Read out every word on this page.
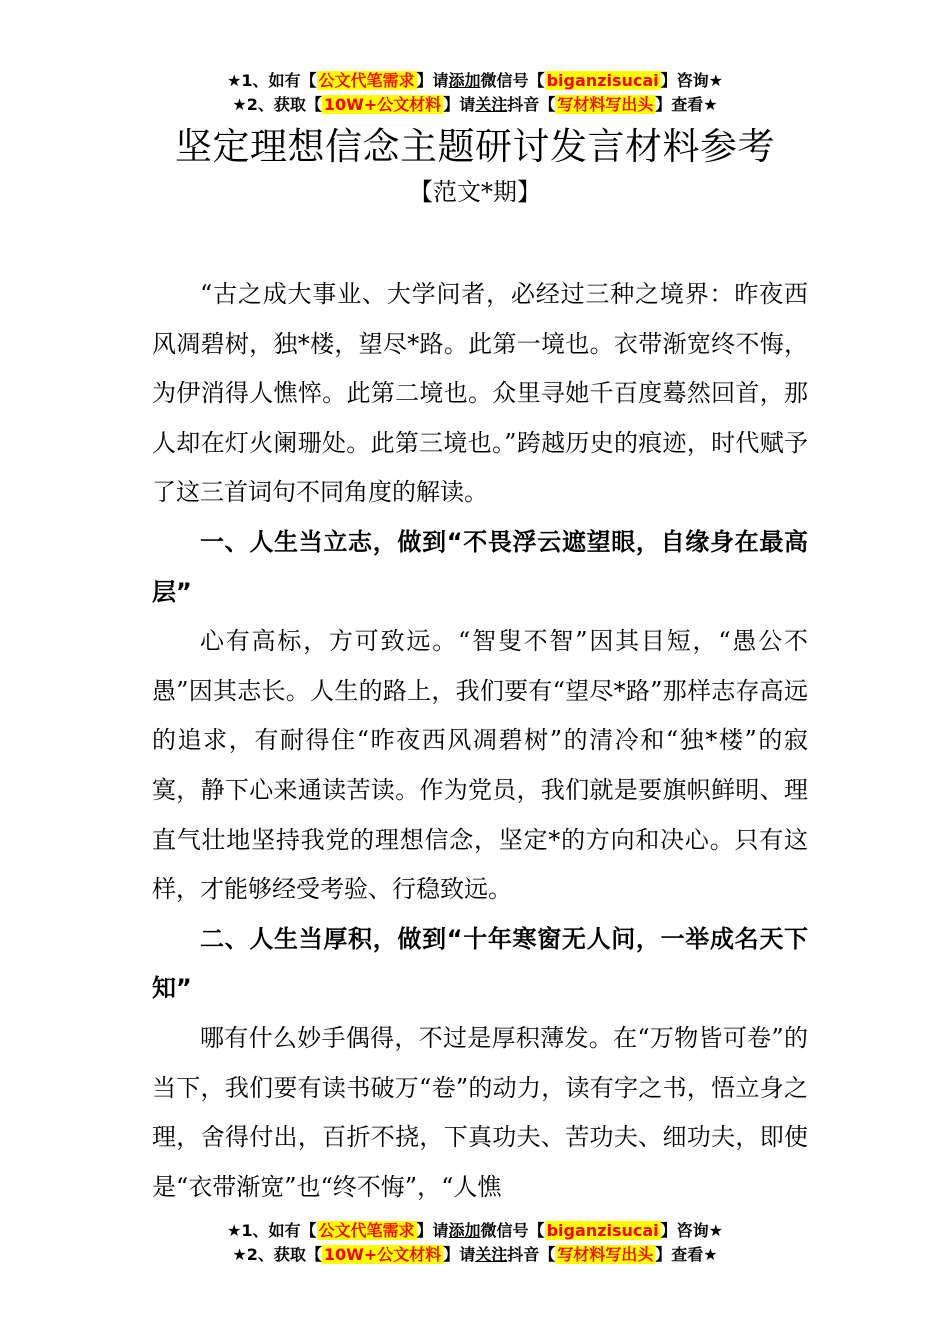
★1、如有【 公文代笔需求 】请添加微信号【 biganzisucai 】咨询★
★2、获取【 10W+公文材料 】请关注抖音【 写材料写出头 】查看★
坚定理想信念主题研讨发言材料参考
【范文*期】

“古之成大事业、大学问者，必经过三种之境界：昨夜西风凋碧树，独*楼，望尽*路。此第一境也。衣带渐宽终不悔，为伊消得人憔悴。此第二境也。众里寻她千百度蓦然回首，那人却在灯火阑珊处。此第三境也。”跨越历史的痕迹，时代赋予了这三首词句不同角度的解读。

一、人生当立志，做到“不畏浮云遮望眼，自缘身在最高层”

心有高标，方可致远。“智叟不智”因其目短，“愚公不愚”因其志长。人生的路上，我们要有“望尽*路”那样志存高远的追求，有耐得住“昨夜西风凋碧树”的清冷和“独*楼”的寂寞，静下心来通读苦读。作为党员，我们就是要旗帜鲜明、理直气壮地坚持我党的理想信念，坚定*的方向和决心。只有这样，才能够经受考验、行稳致远。

二、人生当厚积，做到“十年寒窗无人问，一举成名天下知”

哪有什么妙手偶得，不过是厚积薄发。在“万物皆可卷”的当下，我们要有读书破万“卷”的动力，读有字之书，悟立身之理，舍得付出，百折不挠，下真功夫、苦功夫、细功夫，即使是“衣带渐宽”也“终不悔”，“人憔

★1、如有【 公文代笔需求 】请添加微信号【 biganzisucai 】咨询★
★2、获取【 10W+公文材料 】请关注抖音【 写材料写出头 】查看★
